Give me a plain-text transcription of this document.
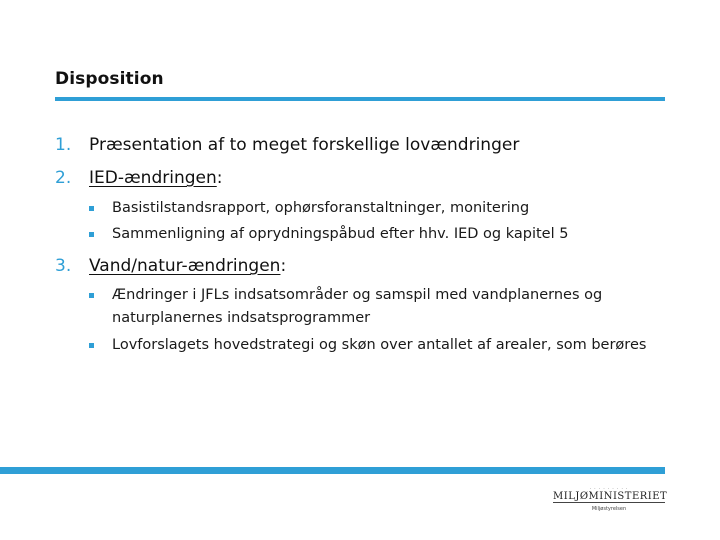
Disposition
1. Præsentation af to meget forskellige lovændringer
2. IED-ændringen:
Basistilstandsrapport, ophørsforanstaltninger, monitering
Sammenligning af oprydningspåbud efter hhv. IED og kapitel 5
3. Vand/natur-ændringen:
Ændringer i JFLs indsatsområder og samspil med vandplanernes og naturplanernes indsatsprogrammer
Lovforslagets hovedstrategi og skøn over antallet af arealer, som berøres
· · · · · · · · ·
MILJØMINISTERIET
Miljøstyrelsen
